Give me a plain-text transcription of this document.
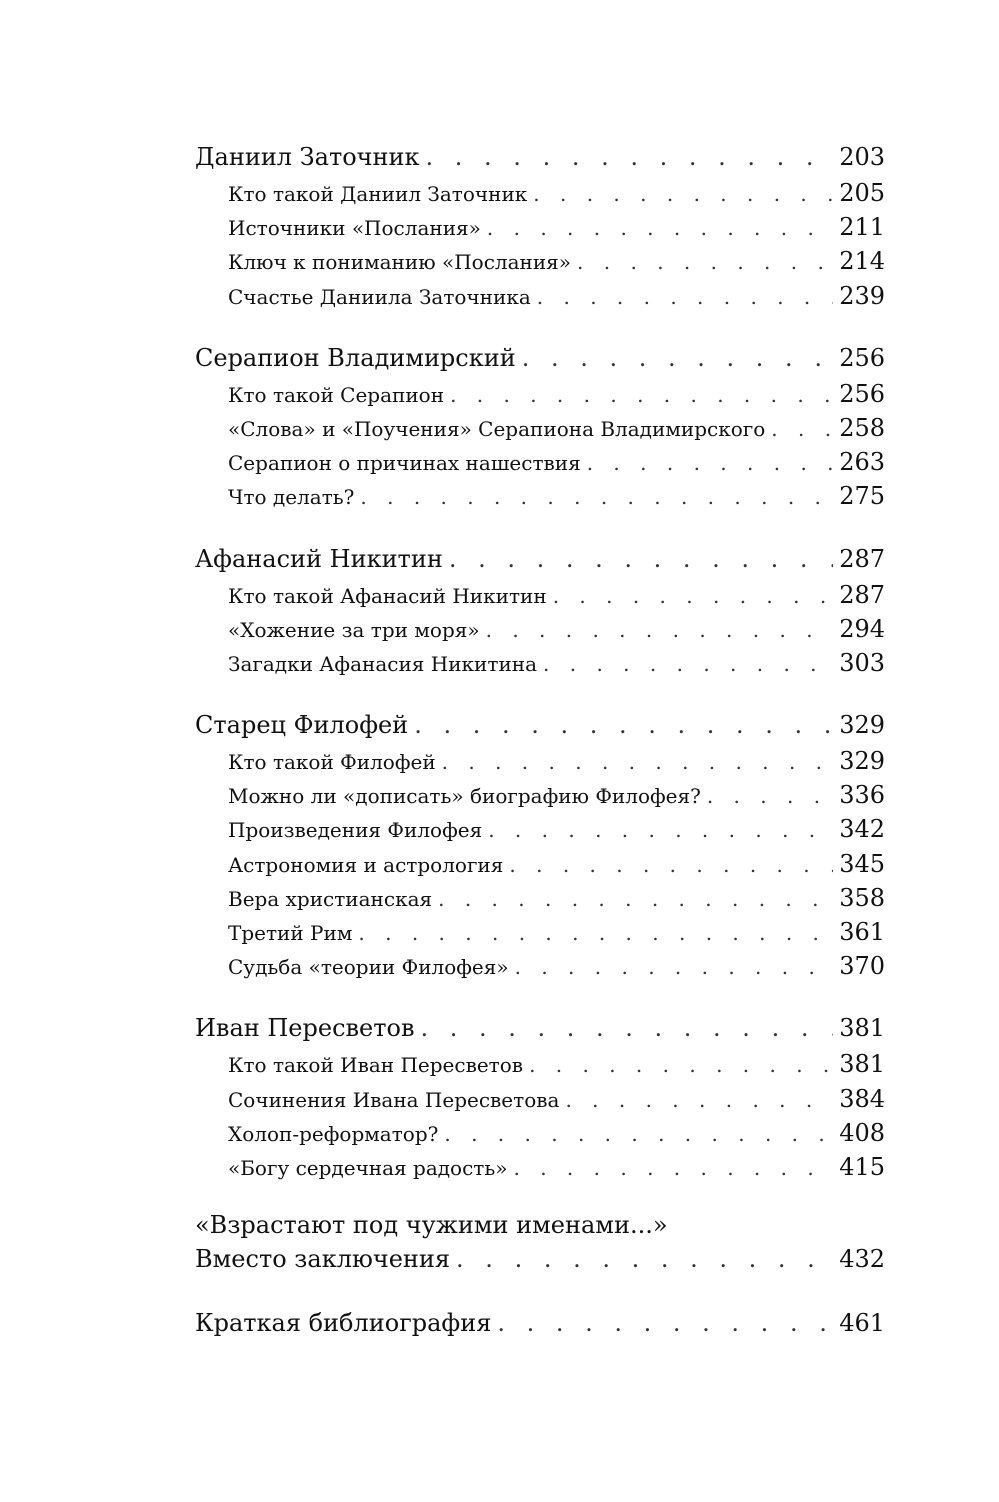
Даниил Заточник . . .	203
Кто такой Даниил Заточник . . .	205
Источники «Послания» . . .	211
Ключ к пониманию «Послания» . . .	214
Счастье Даниила Заточника . . .	239
Серапион Владимирский . . .	256
Кто такой Серапион . . .	256
«Слова» и «Поучения» Серапиона Владимирского . . .	258
Серапион о причинах нашествия . . .	263
Что делать? . . .	275
Афанасий Никитин . . .	287
Кто такой Афанасий Никитин . . .	287
«Хожение за три моря» . . .	294
Загадки Афанасия Никитина . . .	303
Старец Филофей . . .	329
Кто такой Филофей . . .	329
Можно ли «дописать» биографию Филофея? . . .	336
Произведения Филофея . . .	342
Астрономия и астрология . . .	345
Вера христианская . . .	358
Третий Рим . . .	361
Судьба «теории Филофея» . . .	370
Иван Пересветов . . .	381
Кто такой Иван Пересветов . . .	381
Сочинения Ивана Пересветова . . .	384
Холоп-реформатор? . . .	408
«Богу сердечная радость» . . .	415
«Взрастают под чужими именами...»
Вместо заключения . . .	432
Краткая библиография . . .	461
